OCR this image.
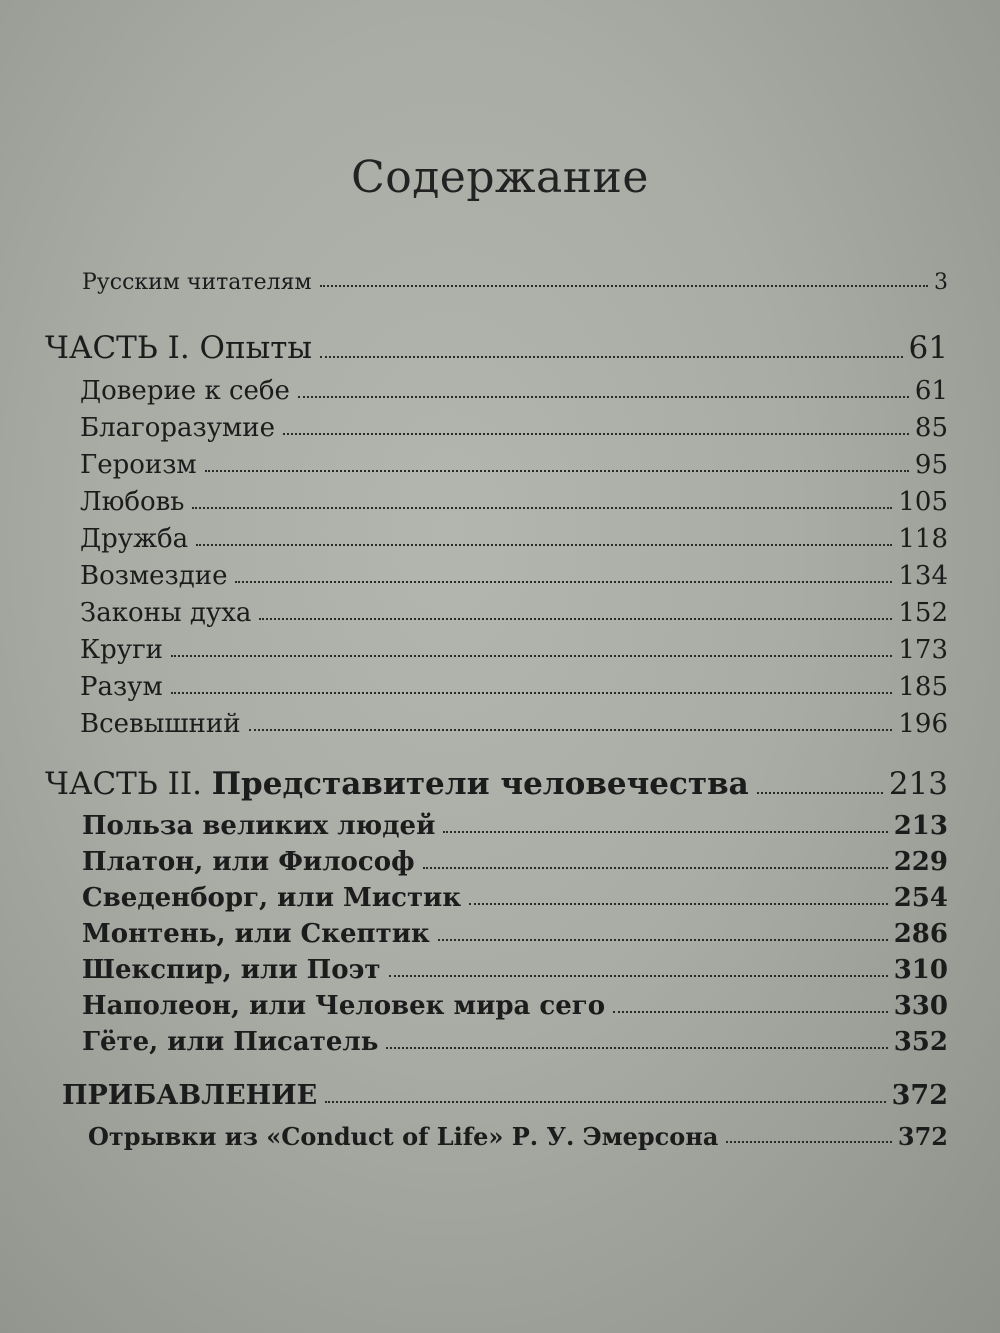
Содержание
Русским читателям	3
ЧАСТЬ I. Опыты	61
Доверие к себе	61
Благоразумие	85
Героизм	95
Любовь	105
Дружба	118
Возмездие	134
Законы духа	152
Круги	173
Разум	185
Всевышний	196
ЧАСТЬ II. Представители человечества	213
Польза великих людей	213
Платон, или Философ	229
Сведенборг, или Мистик	254
Монтень, или Скептик	286
Шекспир, или Поэт	310
Наполеон, или Человек мира сего	330
Гёте, или Писатель	352
ПРИБАВЛЕНИЕ	372
Отрывки из «Conduct of Life» Р. У. Эмерсона	372
